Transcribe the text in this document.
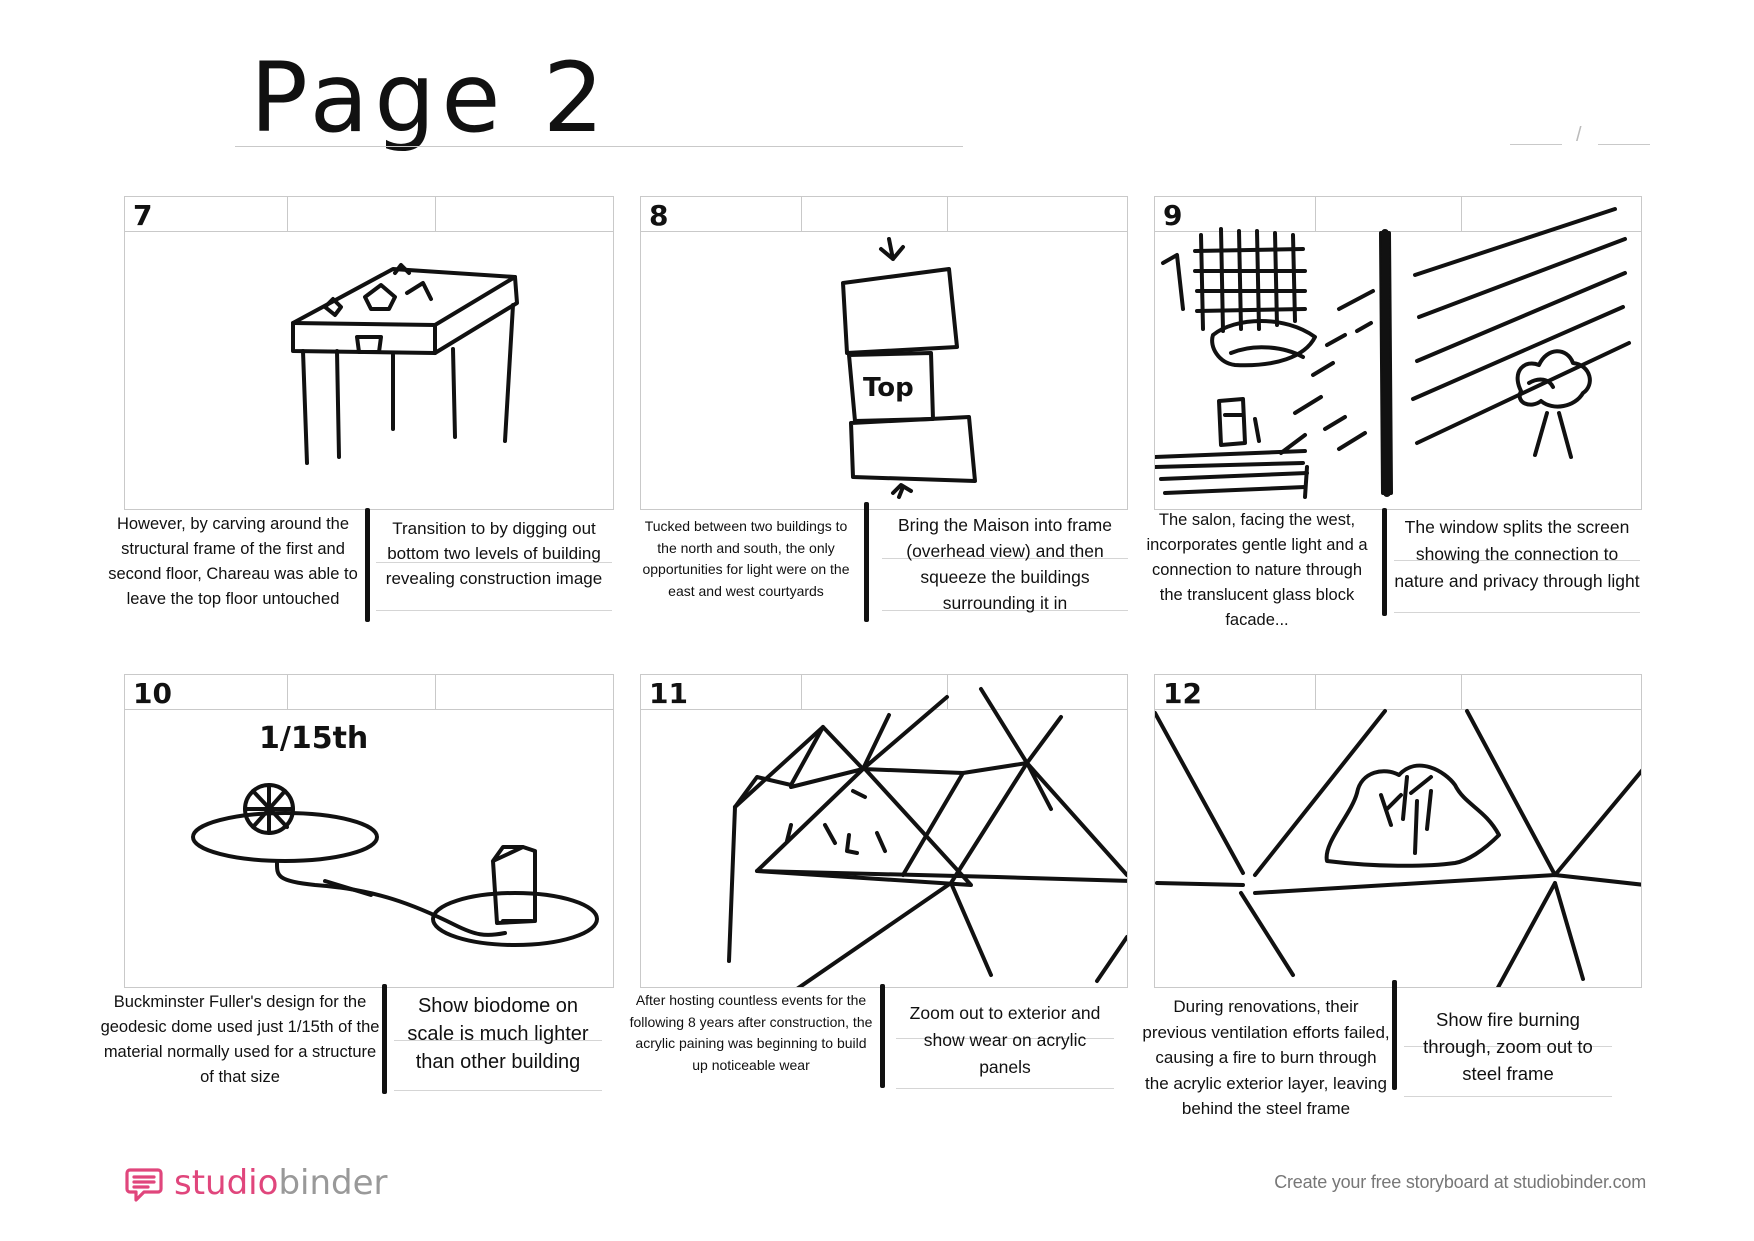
Page 2	/
7
However, by carving around the structural frame of the first and second floor, Chareau was able to leave the top floor untouched
Transition to by digging out bottom two levels of building revealing construction image
8
Top
Tucked between two buildings to the north and south, the only opportunities for light were on the east and west courtyards
Bring the Maison into frame (overhead view) and then squeeze the buildings surrounding it in
9
The salon, facing the west, incorporates gentle light and a connection to nature through the translucent glass block facade...
The window splits the screen showing the connection to nature and privacy through light
10
1/15th
Buckminster Fuller's design for the geodesic dome used just 1/15th of the material normally used for a structure of that size
Show biodome on scale is much lighter than other building
11
After hosting countless events for the following 8 years after construction, the acrylic paining was beginning to build up noticeable wear
Zoom out to exterior and show wear on acrylic panels
12
During renovations, their previous ventilation efforts failed, causing a fire to burn through the acrylic exterior layer, leaving behind the steel frame
Show fire burning through, zoom out to steel frame
studiobinder	Create your free storyboard at studiobinder.com
